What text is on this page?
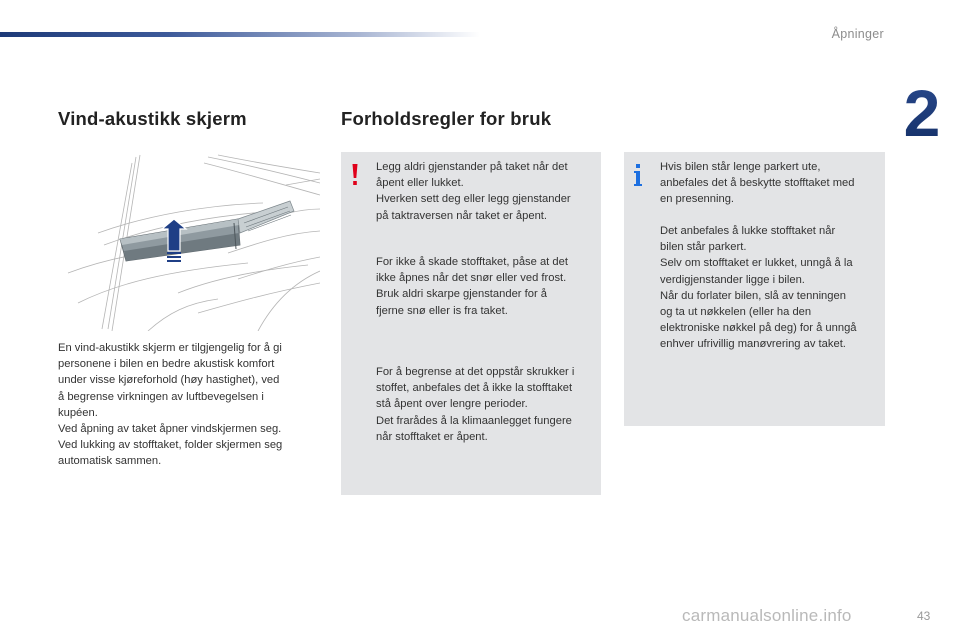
Åpninger
2
Vind-akustikk skjerm
En vind-akustikk skjerm er tilgjengelig for å gi
personene i bilen en bedre akustisk komfort
under visse kjøreforhold (høy hastighet), ved
å begrense virkningen av luftbevegelsen i
kupéen.
Ved åpning av taket åpner vindskjermen seg.
Ved lukking av stofftaket, folder skjermen seg
automatisk sammen.
Forholdsregler for bruk
Legg aldri gjenstander på taket når det
åpent eller lukket.
Hverken sett deg eller legg gjenstander
på taktraversen når taket er åpent.
For ikke å skade stofftaket, påse at det
ikke åpnes når det snør eller ved frost.
Bruk aldri skarpe gjenstander for å
fjerne snø eller is fra taket.
For å begrense at det oppstår skrukker i
stoffet, anbefales det å ikke la stofftaket
stå åpent over lengre perioder.
Det frarådes å la klimaanlegget fungere
når stofftaket er åpent.
Hvis bilen står lenge parkert ute,
anbefales det å beskytte stofftaket med
en presenning.
Det anbefales å lukke stofftaket når
bilen står parkert.
Selv om stofftaket er lukket, unngå å la
verdigjenstander ligge i bilen.
Når du forlater bilen, slå av tenningen
og ta ut nøkkelen (eller ha den
elektroniske nøkkel på deg) for å unngå
enhver ufrivillig manøvrering av taket.
carmanualsonline.info	43
